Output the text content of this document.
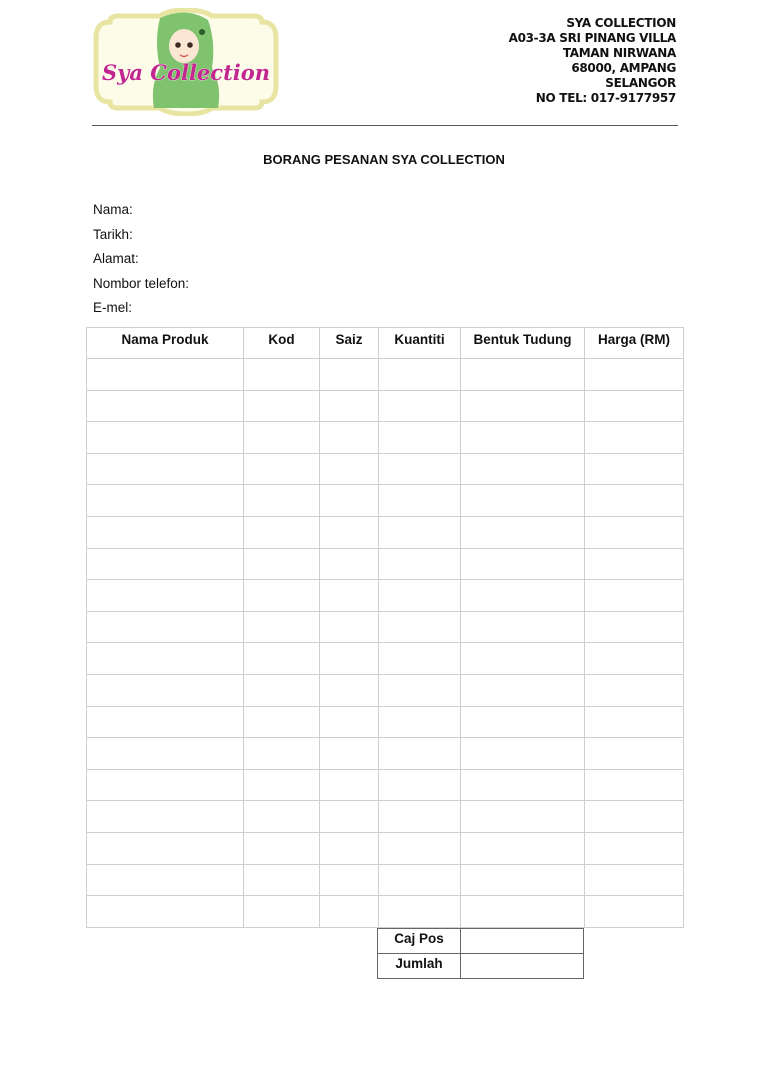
Sya Collection
SYA COLLECTION
A03-3A SRI PINANG VILLA
TAMAN NIRWANA
68000, AMPANG
SELANGOR
NO TEL: 017-9177957
BORANG PESANAN SYA COLLECTION
Nama:
Tarikh:
Alamat:
Nombor telefon:
E-mel:
Nama Produk	Kod	Saiz	Kuantiti	Bentuk Tudung	Harga (RM)

Caj Pos	
Jumlah	
